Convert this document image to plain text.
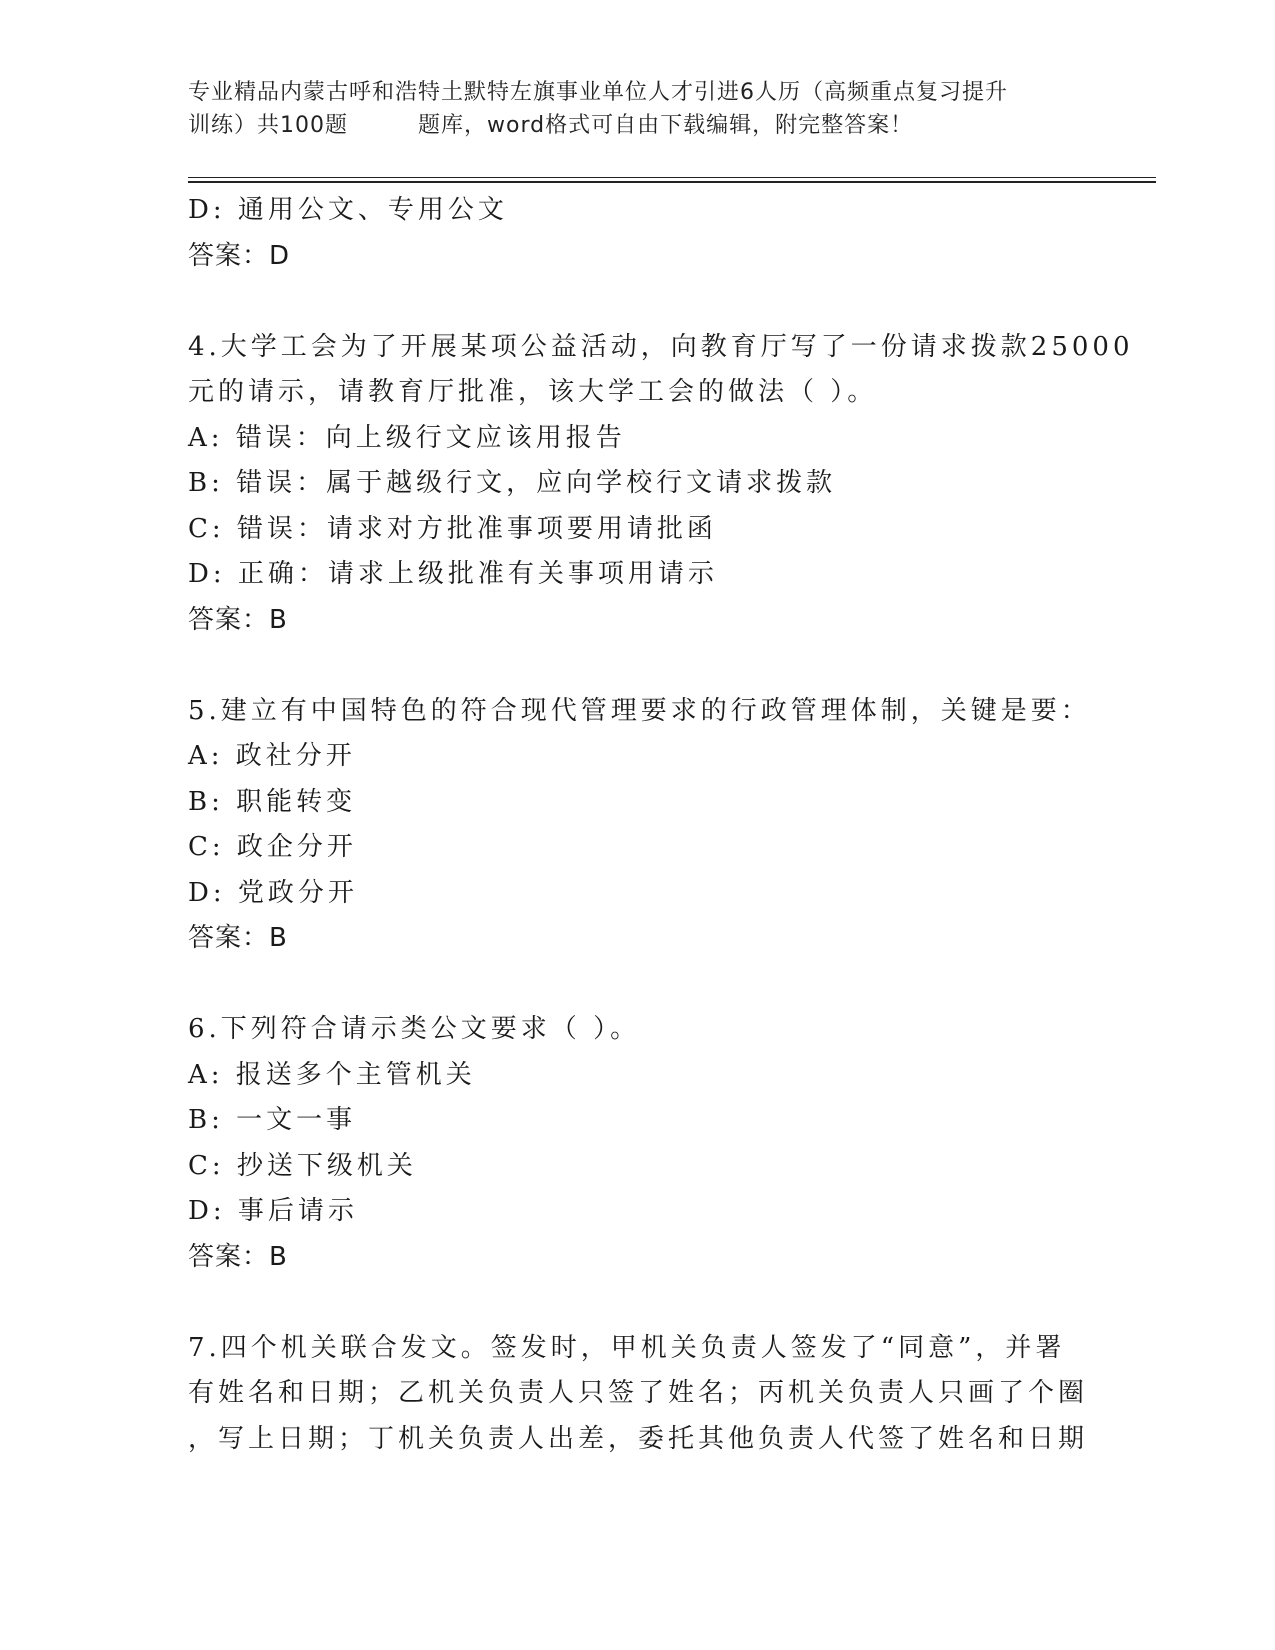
专业精品内蒙古呼和浩特土默特左旗事业单位人才引进6人历（高频重点复习提升
训练）共100题	题库，word格式可自由下载编辑，附完整答案！
D: 通用公文、专用公文
答案：D
4.大学工会为了开展某项公益活动，向教育厅写了一份请求拨款25000
元的请示，请教育厅批准，该大学工会的做法（ ）。
A: 错误：向上级行文应该用报告
B: 错误：属于越级行文，应向学校行文请求拨款
C: 错误：请求对方批准事项要用请批函
D: 正确：请求上级批准有关事项用请示
答案：B
5.建立有中国特色的符合现代管理要求的行政管理体制，关键是要：
A: 政社分开
B: 职能转变
C: 政企分开
D: 党政分开
答案：B
6.下列符合请示类公文要求（ ）。
A: 报送多个主管机关
B: 一文一事
C: 抄送下级机关
D: 事后请示
答案：B
7.四个机关联合发文。签发时，甲机关负责人签发了“同意”，并署
有姓名和日期；乙机关负责人只签了姓名；丙机关负责人只画了个圈
，写上日期；丁机关负责人出差，委托其他负责人代签了姓名和日期
